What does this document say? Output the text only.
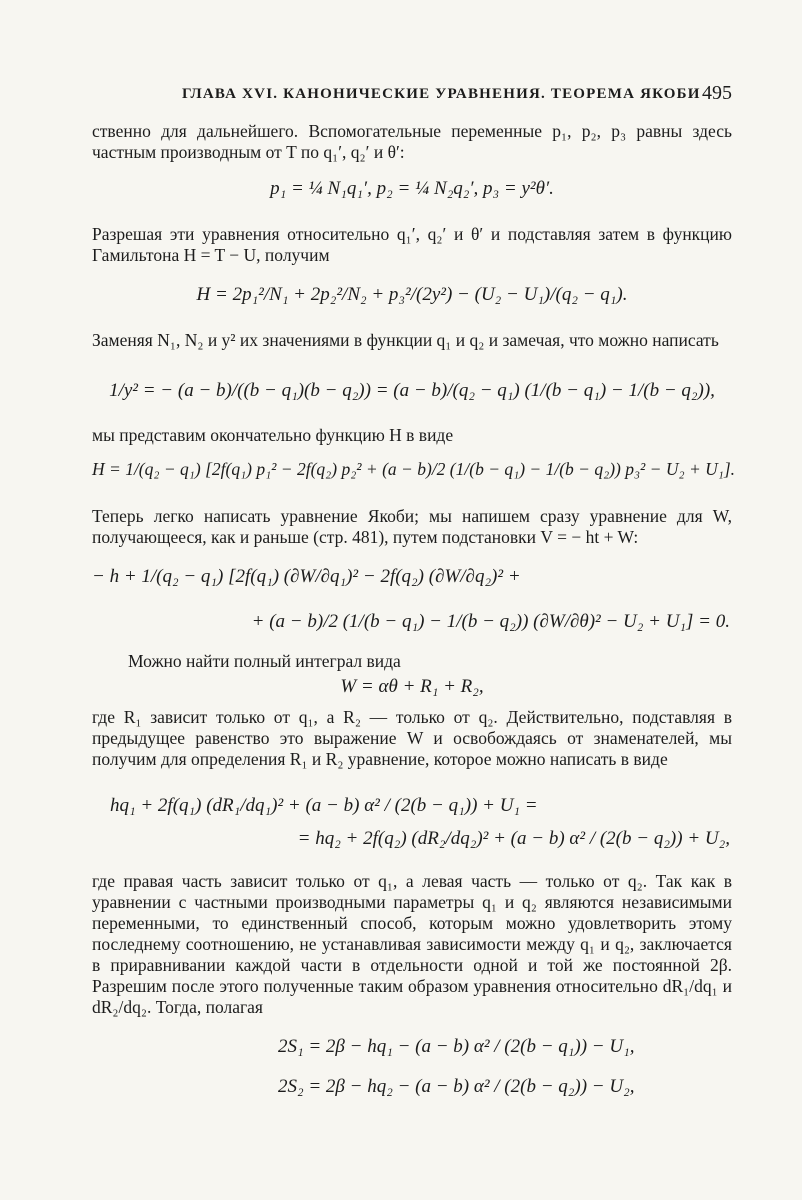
ГЛАВА XVI. КАНОНИЧЕСКИЕ УРАВНЕНИЯ. ТЕОРЕМА ЯКОБИ 495

ственно для дальнейшего. Вспомогательные переменные p₁, p₂, p₃ равны здесь частным производным от T по q₁′, q₂′ и θ′:

p₁ = ¼ N₁q₁′, p₂ = ¼ N₂q₂′, p₃ = y²θ′.

Разрешая эти уравнения относительно q₁′, q₂′ и θ′ и подставляя затем в функцию Гамильтона H = T − U, получим

H = 2p₁²/N₁ + 2p₂²/N₂ + p₃²/(2y²) − (U₂ − U₁)/(q₂ − q₁).

Заменяя N₁, N₂ и y² их значениями в функции q₁ и q₂ и замечая, что можно написать

1/y² = − (a − b)/((b − q₁)(b − q₂)) = (a − b)/(q₂ − q₁) (1/(b − q₁) − 1/(b − q₂)),

мы представим окончательно функцию H в виде

H = 1/(q₂ − q₁) [2f(q₁) p₁² − 2f(q₂) p₂² + (a − b)/2 (1/(b − q₁) − 1/(b − q₂)) p₃² − U₂ + U₁].

Теперь легко написать уравнение Якоби; мы напишем сразу уравнение для W, получающееся, как и раньше (стр. 481), путем подстановки V = − ht + W:

− h + 1/(q₂ − q₁) [2f(q₁) (∂W/∂q₁)² − 2f(q₂) (∂W/∂q₂)² +
+ (a − b)/2 (1/(b − q₁) − 1/(b − q₂)) (∂W/∂θ)² − U₂ + U₁] = 0.

Можно найти полный интеграл вида

W = αθ + R₁ + R₂,

где R₁ зависит только от q₁, а R₂ — только от q₂. Действительно, подставляя в предыдущее равенство это выражение W и освобождаясь от знаменателей, мы получим для определения R₁ и R₂ уравнение, которое можно написать в виде

hq₁ + 2f(q₁) (dR₁/dq₁)² + (a − b) α² / (2(b − q₁)) + U₁ =
= hq₂ + 2f(q₂) (dR₂/dq₂)² + (a − b) α² / (2(b − q₂)) + U₂,

где правая часть зависит только от q₁, а левая часть — только от q₂. Так как в уравнении с частными производными параметры q₁ и q₂ являются независимыми переменными, то единственный способ, которым можно удовлетворить этому последнему соотношению, не устанавливая зависимости между q₁ и q₂, заключается в приравнивании каждой части в отдельности одной и той же постоянной 2β. Разрешим после этого полученные таким образом уравнения относительно dR₁/dq₁ и dR₂/dq₂. Тогда, полагая

2S₁ = 2β − hq₁ − (a − b) α² / (2(b − q₁)) − U₁,
2S₂ = 2β − hq₂ − (a − b) α² / (2(b − q₂)) − U₂,
